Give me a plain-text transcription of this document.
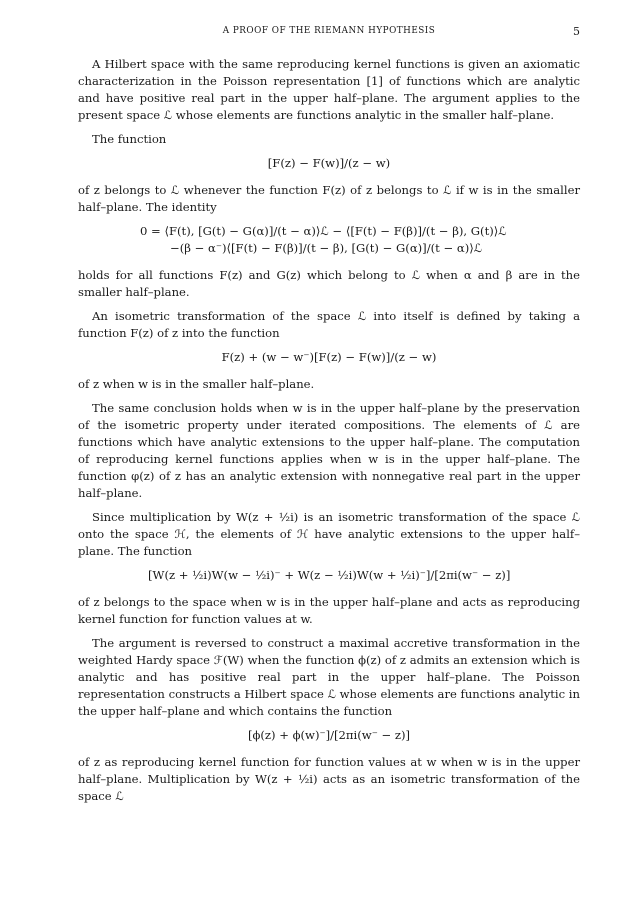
A PROOF OF THE RIEMANN HYPOTHESIS	5

A Hilbert space with the same reproducing kernel functions is given an axiomatic characterization in the Poisson representation [1] of functions which are analytic and have positive real part in the upper half–plane. The argument applies to the present space ℒ whose elements are functions analytic in the smaller half–plane.

The function

[F(z) − F(w)]/(z − w)

of z belongs to ℒ whenever the function F(z) of z belongs to ℒ if w is in the smaller half–plane. The identity

0 = ⟨F(t), [G(t) − G(α)]/(t − α)⟩ℒ − ⟨[F(t) − F(β)]/(t − β), G(t)⟩ℒ
−(β − α⁻)⟨[F(t) − F(β)]/(t − β), [G(t) − G(α)]/(t − α)⟩ℒ

holds for all functions F(z) and G(z) which belong to ℒ when α and β are in the smaller half–plane.

An isometric transformation of the space ℒ into itself is defined by taking a function F(z) of z into the function

F(z) + (w − w⁻)[F(z) − F(w)]/(z − w)

of z when w is in the smaller half–plane.

The same conclusion holds when w is in the upper half–plane by the preservation of the isometric property under iterated compositions. The elements of ℒ are functions which have analytic extensions to the upper half–plane. The computation of reproducing kernel functions applies when w is in the upper half–plane. The function φ(z) of z has an analytic extension with nonnegative real part in the upper half–plane.

Since multiplication by W(z + ½i) is an isometric transformation of the space ℒ onto the space ℋ, the elements of ℋ have analytic extensions to the upper half–plane. The function

[W(z + ½i)W(w − ½i)⁻ + W(z − ½i)W(w + ½i)⁻]/[2πi(w⁻ − z)]

of z belongs to the space when w is in the upper half–plane and acts as reproducing kernel function for function values at w.

The argument is reversed to construct a maximal accretive transformation in the weighted Hardy space ℱ(W) when the function ϕ(z) of z admits an extension which is analytic and has positive real part in the upper half–plane. The Poisson representation constructs a Hilbert space ℒ whose elements are functions analytic in the upper half–plane and which contains the function

[ϕ(z) + ϕ(w)⁻]/[2πi(w⁻ − z)]

of z as reproducing kernel function for function values at w when w is in the upper half–plane. Multiplication by W(z + ½i) acts as an isometric transformation of the space ℒ
